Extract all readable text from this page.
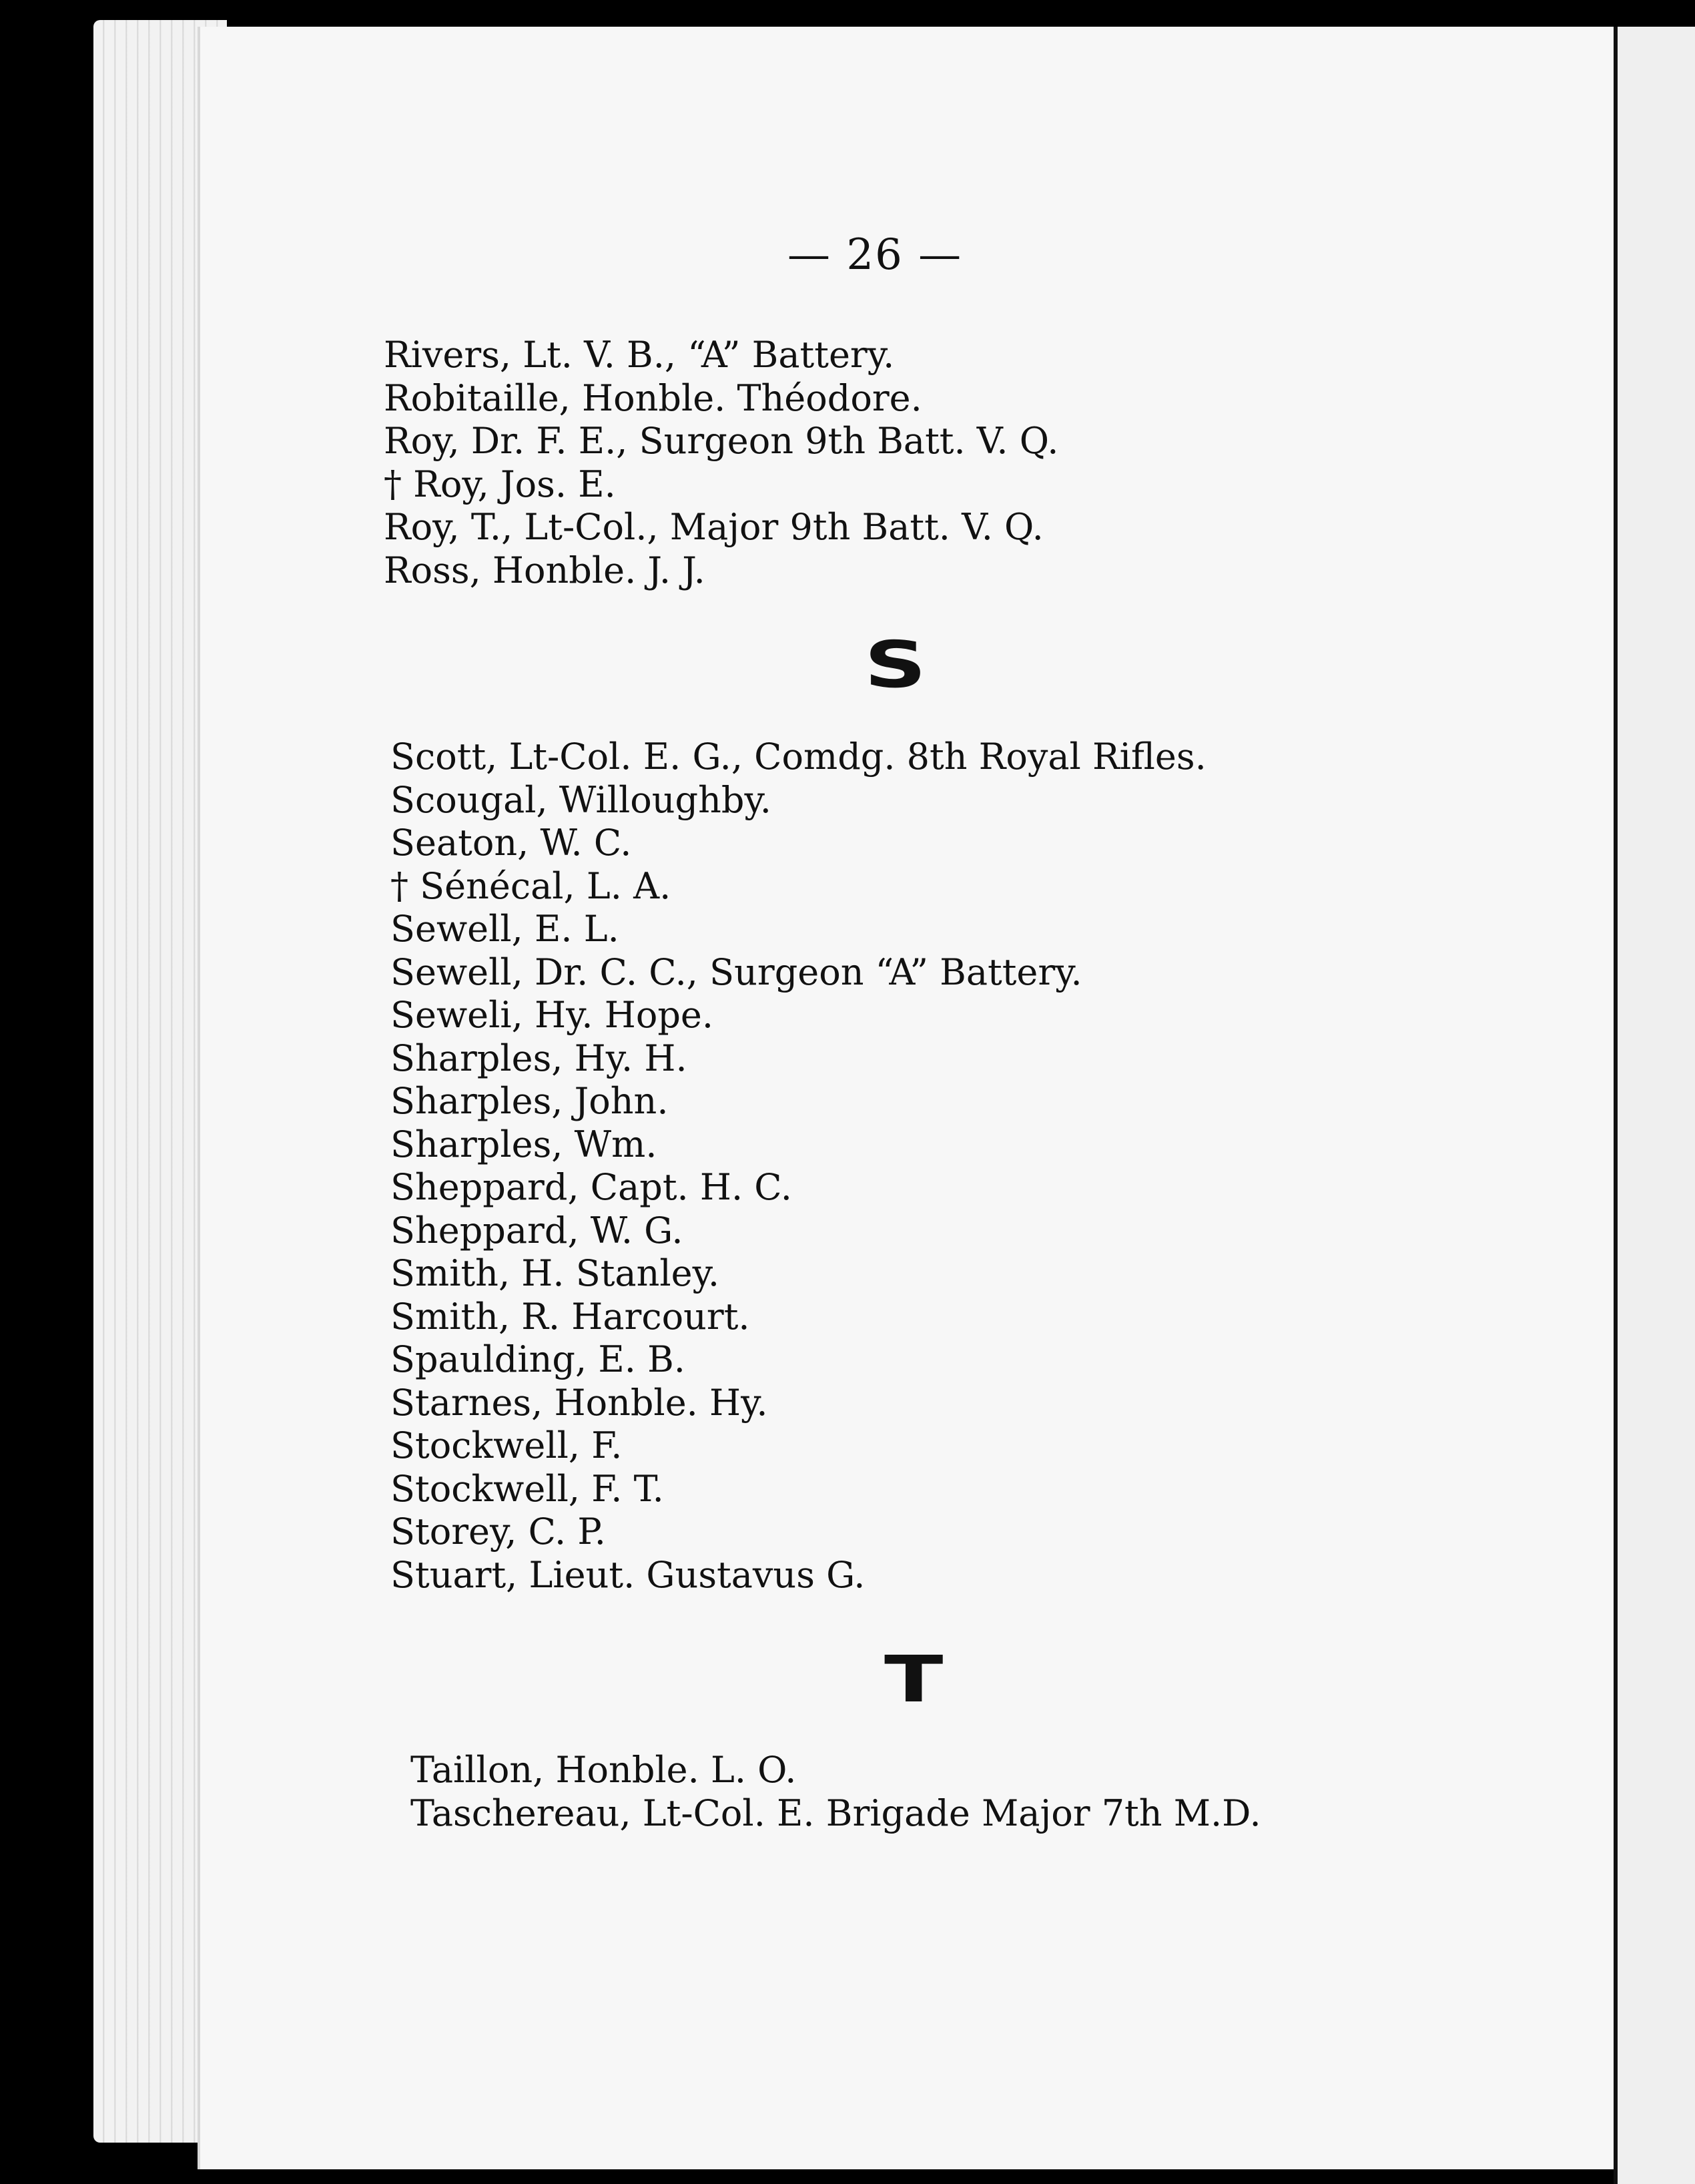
— 26 —
Rivers, Lt. V. B., “A” Battery.
Robitaille, Honble. Théodore.
Roy, Dr. F. E., Surgeon 9th Batt. V. Q.
† Roy, Jos. E.
Roy, T., Lt-Col., Major 9th Batt. V. Q.
Ross, Honble. J. J.
S
Scott, Lt-Col. E. G., Comdg. 8th Royal Rifles.
Scougal, Willoughby.
Seaton, W. C.
† Sénécal, L. A.
Sewell, E. L.
Sewell, Dr. C. C., Surgeon “A” Battery.
Seweli, Hy. Hope.
Sharples, Hy. H.
Sharples, John.
Sharples, Wm.
Sheppard, Capt. H. C.
Sheppard, W. G.
Smith, H. Stanley.
Smith, R. Harcourt.
Spaulding, E. B.
Starnes, Honble. Hy.
Stockwell, F.
Stockwell, F. T.
Storey, C. P.
Stuart, Lieut. Gustavus G.
T
Taillon, Honble. L. O.
Taschereau, Lt-Col. E. Brigade Major 7th M.D.
